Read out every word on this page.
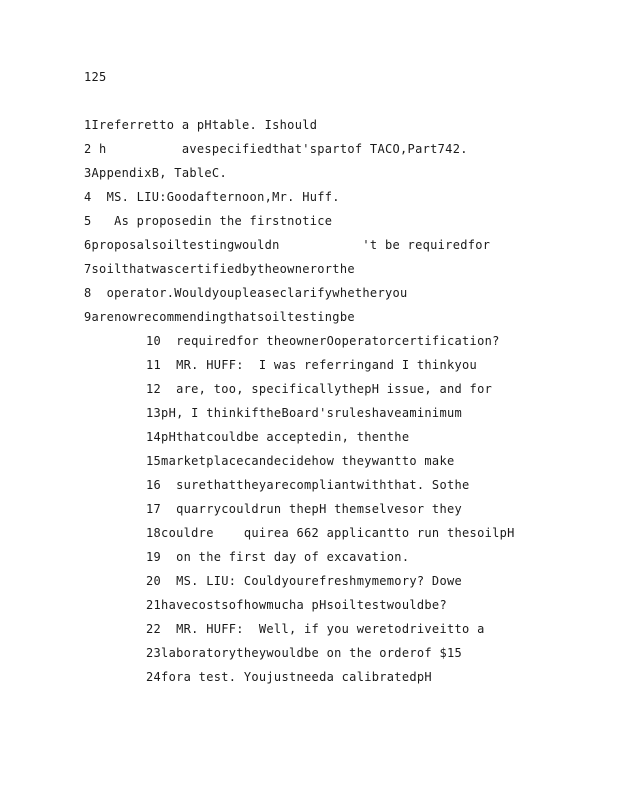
125
1Ireferretto a pHtable. Ishould
2 h          avespecifiedthat'spartof TACO,Part742.
3AppendixB, TableC.
4  MS. LIU:Goodafternoon,Mr. Huff.
5   As proposedin the firstnotice
6proposalsoiltestingwouldn           't be requiredfor
7soilthatwascertifiedbytheownerorthe
8  operator.Wouldyoupleaseclarifywhetheryou
9arenowrecommendingthatsoiltestingbe
10  requiredfor theownerOoperatorcertification?
11  MR. HUFF:  I was referringand I thinkyou
12  are, too, specificallythepH issue, and for
13pH, I thinkiftheBoard'sruleshaveaminimum
14pHthatcouldbe acceptedin, thenthe
15marketplacecandecidehow theywantto make
16  surethattheyarecompliantwiththat. Sothe
17  quarrycouldrun thepH themselvesor they
18couldre    quirea 662 applicantto run thesoilpH
19  on the first day of excavation.
20  MS. LIU: Couldyourefreshmymemory? Dowe
21havecostsofhowmucha pHsoiltestwouldbe?
22  MR. HUFF:  Well, if you weretodriveitto a
23laboratorytheywouldbe on the orderof $15
24fora test. Youjustneeda calibratedpH
